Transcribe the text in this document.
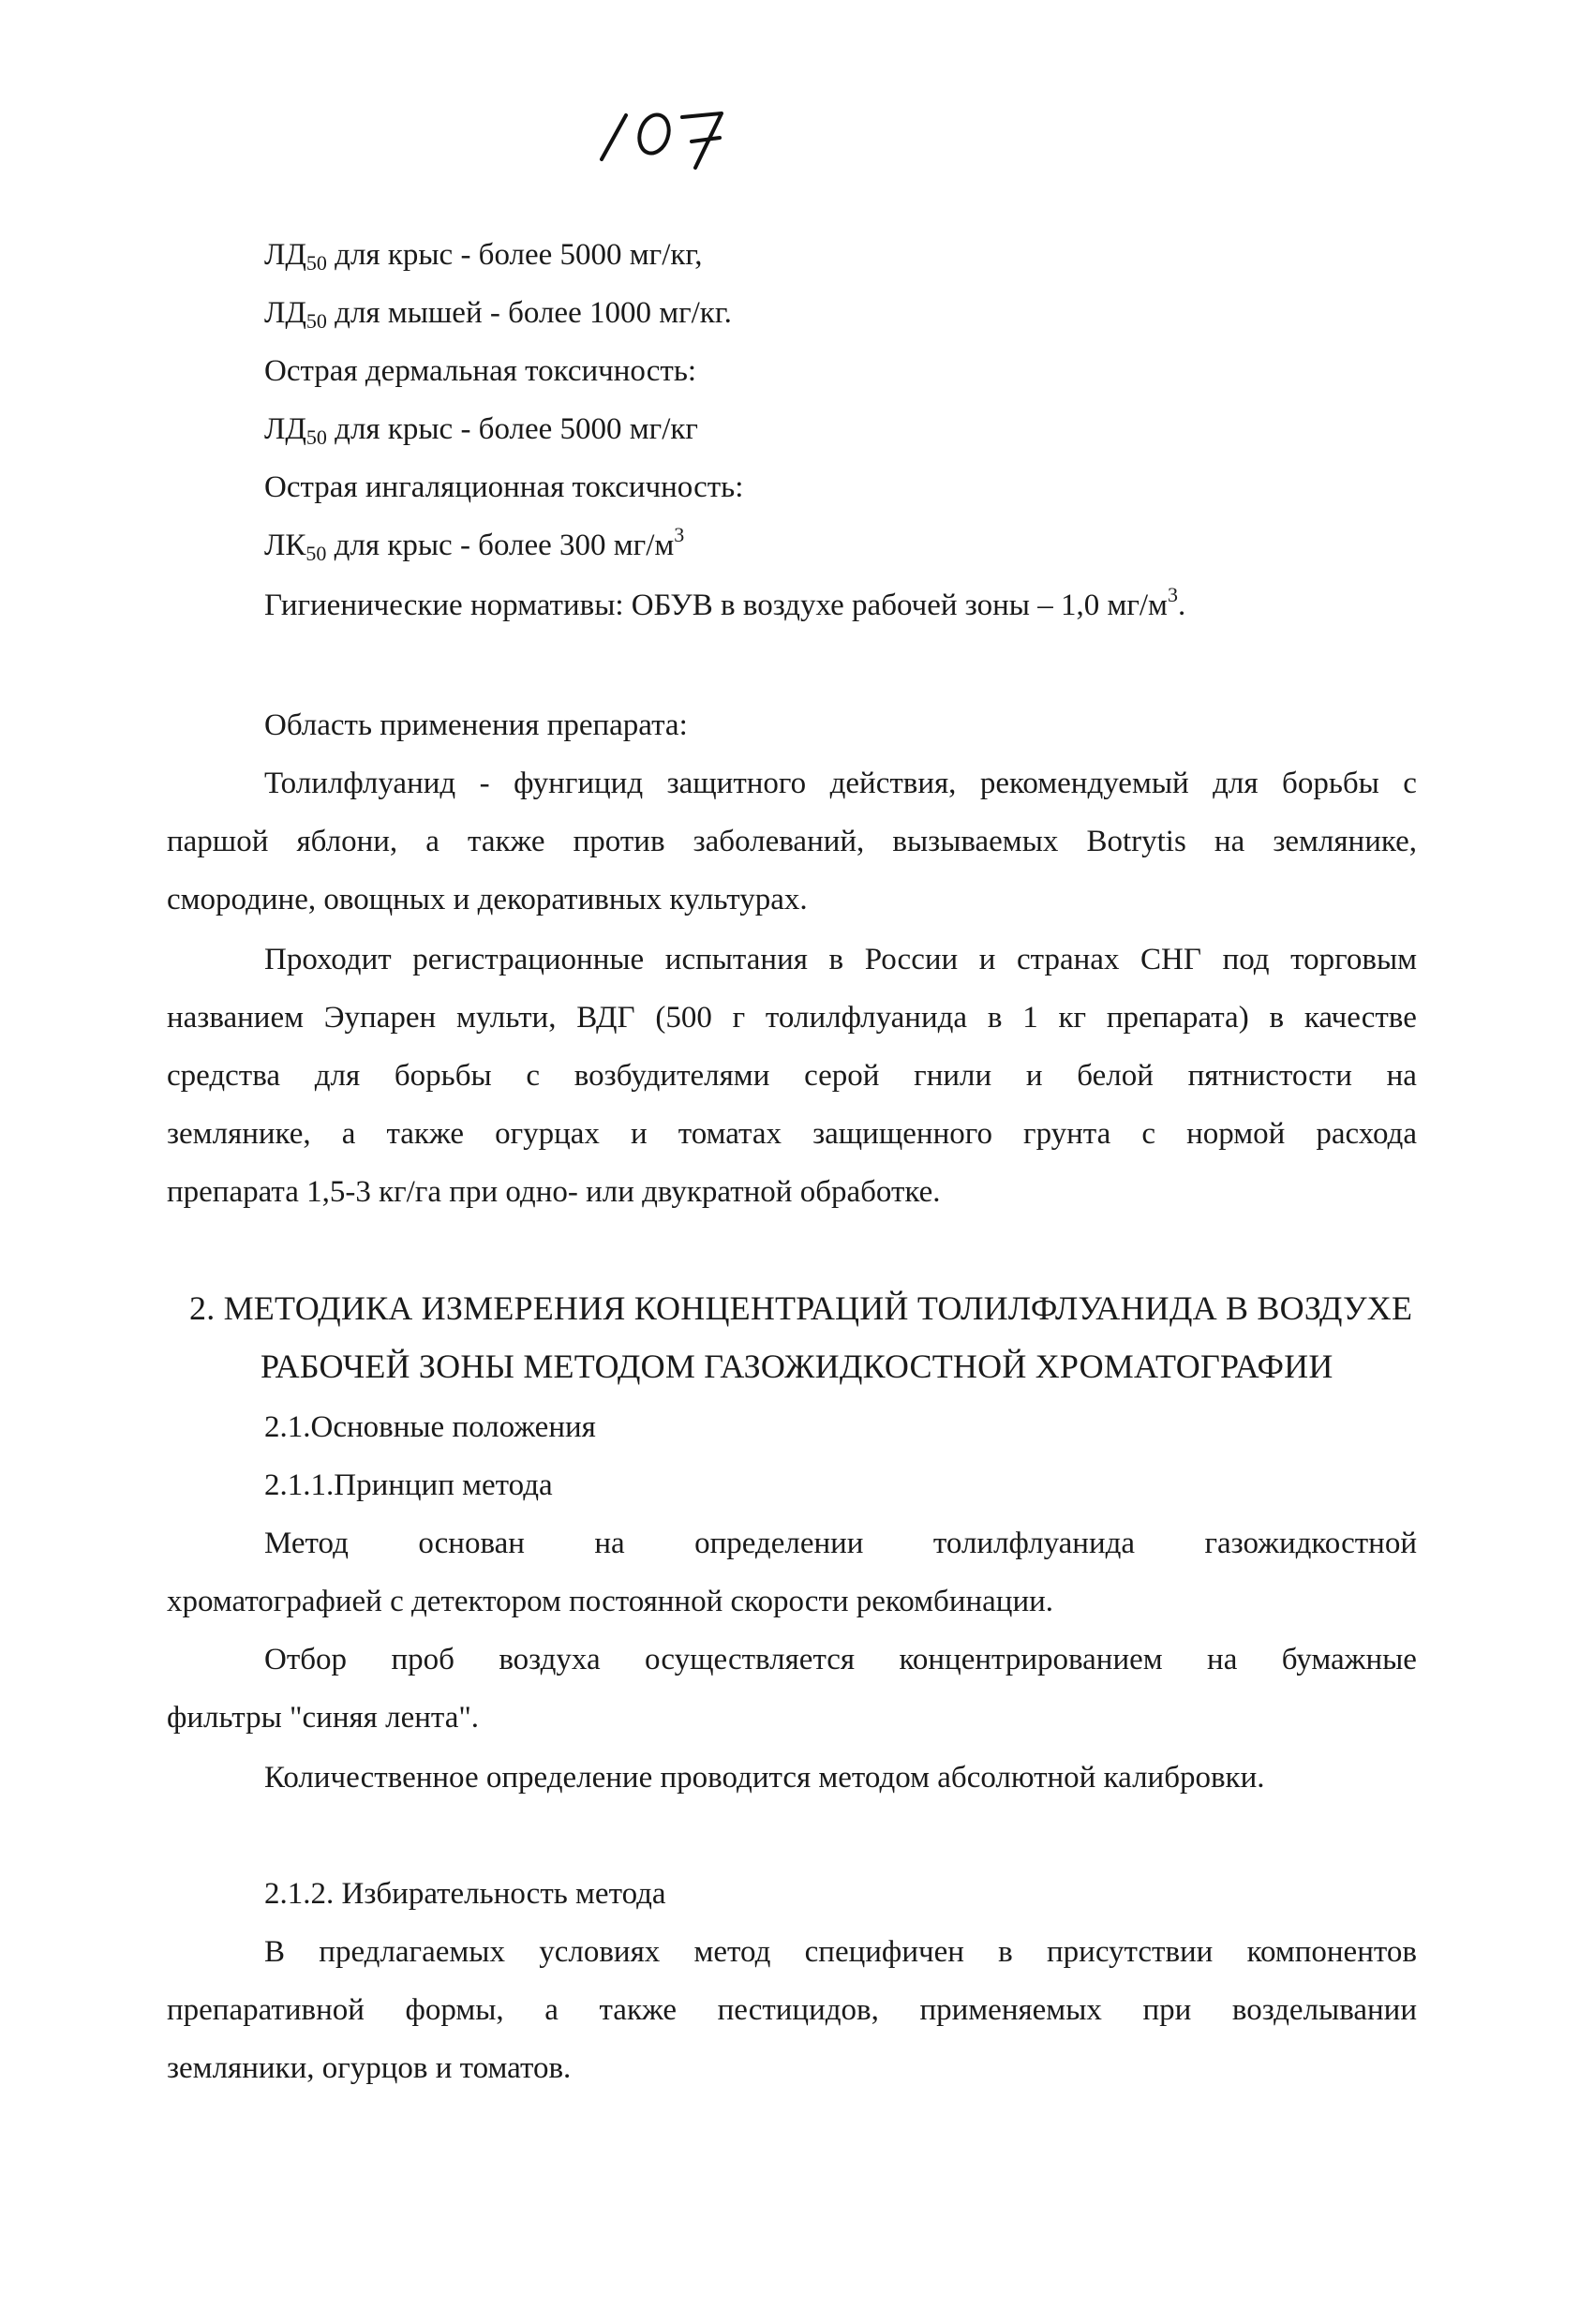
$ЛД_{50}$ для крыс - более 5000 мг/кг,
$ЛД_{50}$ для мышей - более 1000 мг/кг.
Острая дермальная токсичность:
$ЛД_{50}$ для крыс - более 5000 мг/кг
Острая ингаляционная токсичность:
$ЛК_{50}$ для крыс - более 300 $мг/м^3$
Гигиенические нормативы: ОБУВ в воздухе рабочей зоны – 1,0 $мг/м^3$.
Область применения препарата:
Толилфлуанид - фунгицид защитного действия, рекомендуемый для борьбы с
паршой яблони, а также против заболеваний, вызываемых Botrytis на землянике,
смородине, овощных и декоративных культурах.
Проходит регистрационные испытания в России и странах СНГ под торговым
названием Эупарен мульти, ВДГ (500 г толилфлуанида в 1 кг препарата) в качестве
средства для борьбы с возбудителями серой гнили и белой пятнистости на
землянике, а также огурцах и томатах защищенного грунта с нормой расхода
препарата 1,5-3 кг/га при одно- или двукратной обработке.
2. МЕТОДИКА ИЗМЕРЕНИЯ КОНЦЕНТРАЦИЙ ТОЛИЛФЛУАНИДА В ВОЗДУХЕ
РАБОЧЕЙ ЗОНЫ МЕТОДОМ ГАЗОЖИДКОСТНОЙ ХРОМАТОГРАФИИ
2.1.Основные положения
2.1.1.Принцип метода
Метод основан на определении толилфлуанида газожидкостной
хроматографией с детектором постоянной скорости рекомбинации.
Отбор проб воздуха осуществляется концентрированием на бумажные
фильтры "синяя лента".
Количественное определение проводится методом абсолютной калибровки.
2.1.2. Избирательность метода
В предлагаемых условиях метод специфичен в присутствии компонентов
препаративной формы, а также пестицидов, применяемых при возделывании
земляники, огурцов и томатов.
